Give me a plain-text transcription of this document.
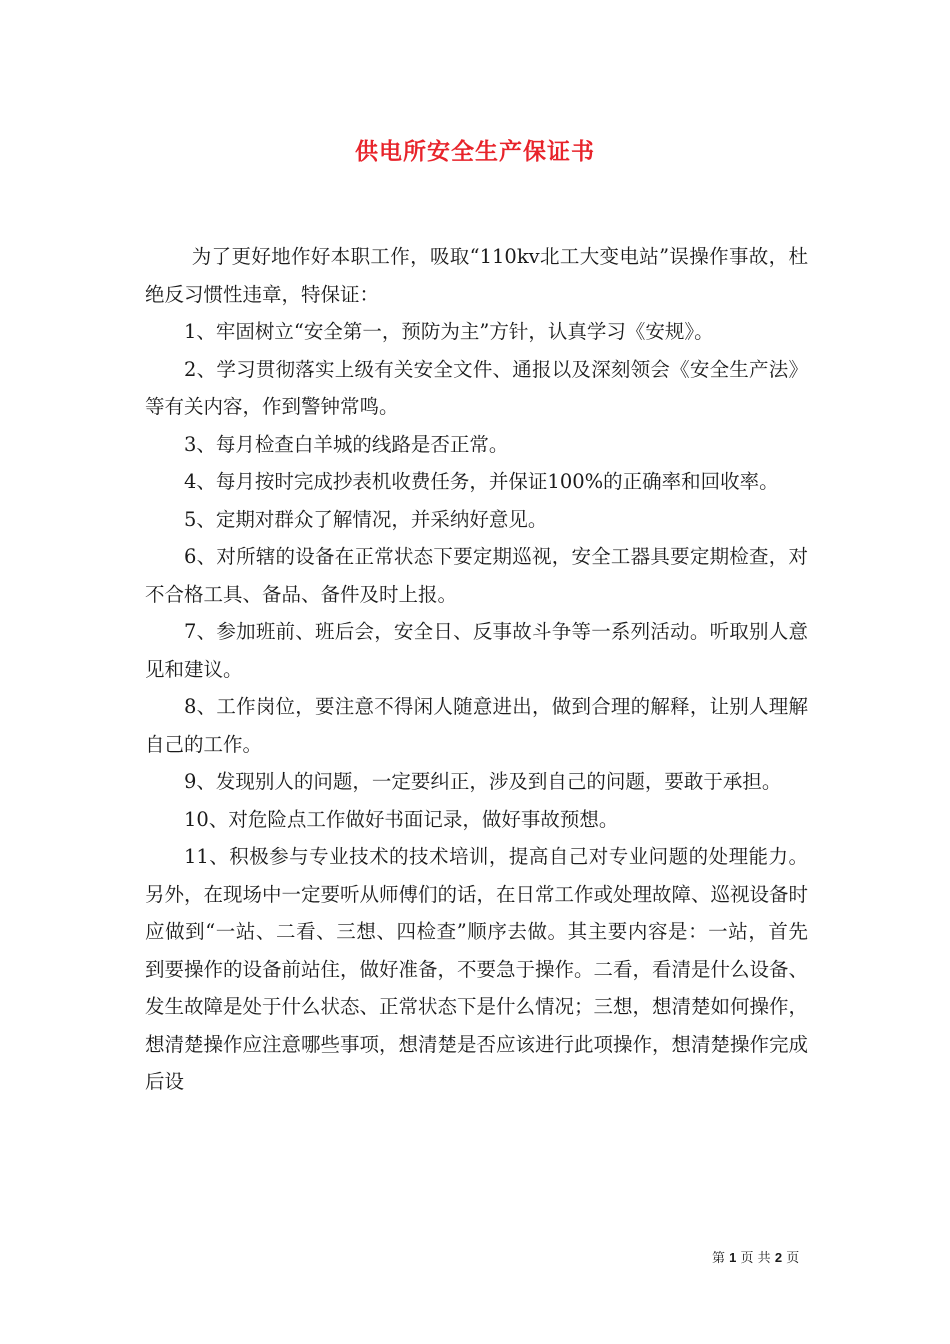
供电所安全生产保证书

为了更好地作好本职工作，吸取“110kv北工大变电站”误操作事故，杜绝反习惯性违章，特保证：

1、牢固树立“安全第一，预防为主”方针，认真学习《安规》。

2、学习贯彻落实上级有关安全文件、通报以及深刻领会《安全生产法》等有关内容，作到警钟常鸣。

3、每月检查白羊城的线路是否正常。

4、每月按时完成抄表机收费任务，并保证100%的正确率和回收率。

5、定期对群众了解情况，并采纳好意见。

6、对所辖的设备在正常状态下要定期巡视，安全工器具要定期检查，对不合格工具、备品、备件及时上报。

7、参加班前、班后会，安全日、反事故斗争等一系列活动。听取别人意见和建议。

8、工作岗位，要注意不得闲人随意进出，做到合理的解释，让别人理解自己的工作。

9、发现别人的问题，一定要纠正，涉及到自己的问题，要敢于承担。

10、对危险点工作做好书面记录，做好事故预想。

11、积极参与专业技术的技术培训，提高自己对专业问题的处理能力。另外，在现场中一定要听从师傅们的话，在日常工作或处理故障、巡视设备时应做到“一站、二看、三想、四检查”顺序去做。其主要内容是：一站，首先到要操作的设备前站住，做好准备，不要急于操作。二看，看清是什么设备、发生故障是处于什么状态、正常状态下是什么情况；三想，想清楚如何操作，想清楚操作应注意哪些事项，想清楚是否应该进行此项操作，想清楚操作完成后设

第 1 页 共 2 页
